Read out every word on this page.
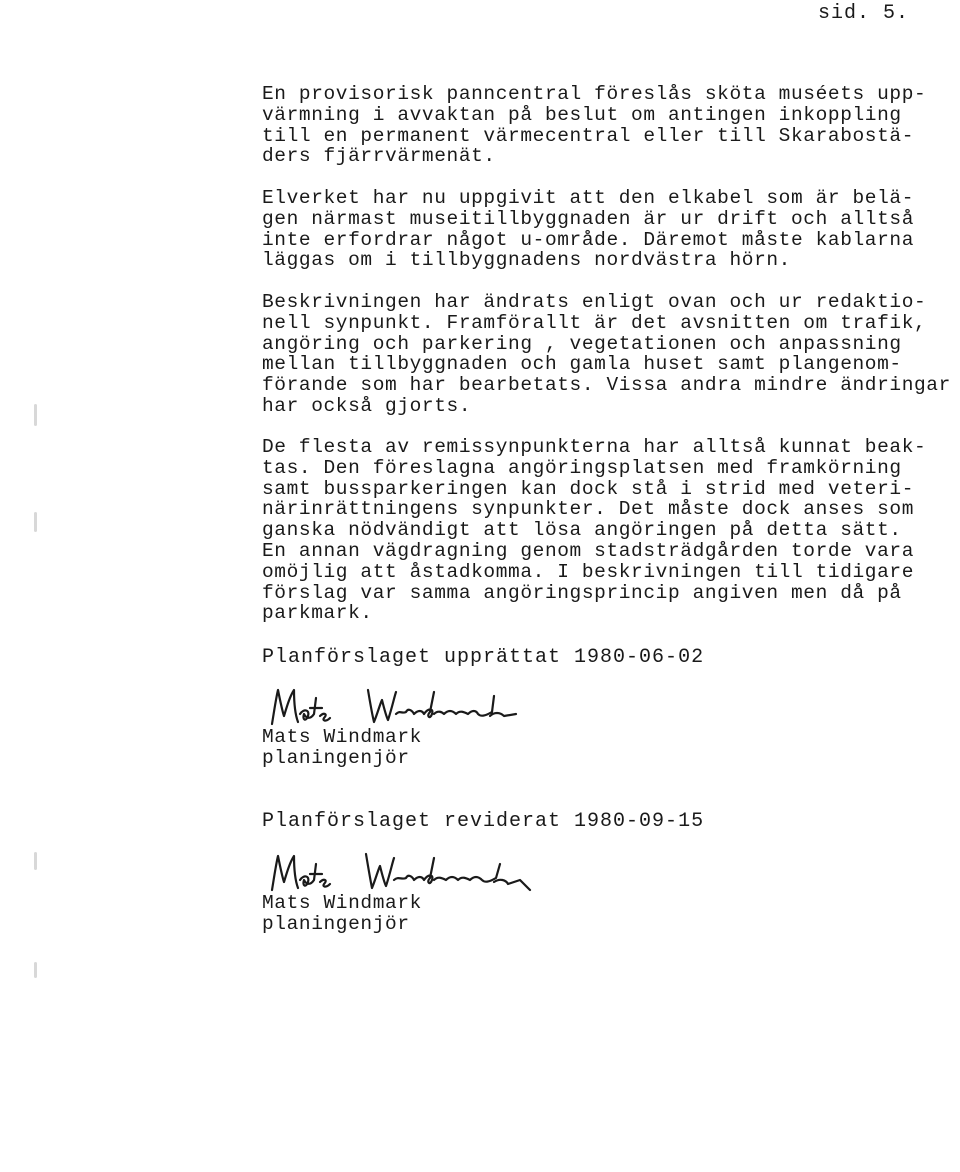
sid. 5.
En provisorisk panncentral föreslås sköta muséets upp-
värmning i avvaktan på beslut om antingen inkoppling
till en permanent värmecentral eller till Skarabostä-
ders fjärrvärmenät.
Elverket har nu uppgivit att den elkabel som är belä-
gen närmast museitillbyggnaden är ur drift och alltså
inte erfordrar något u-område. Däremot måste kablarna
läggas om i tillbyggnadens nordvästra hörn.
Beskrivningen har ändrats enligt ovan och ur redaktio-
nell synpunkt. Framförallt är det avsnitten om trafik,
angöring och parkering , vegetationen och anpassning
mellan tillbyggnaden och gamla huset samt plangenom-
förande som har bearbetats. Vissa andra mindre ändringar
har också gjorts.
De flesta av remissynpunkterna har alltså kunnat beak-
tas. Den föreslagna angöringsplatsen med framkörning
samt bussparkeringen kan dock stå i strid med veteri-
närinrättningens synpunkter. Det måste dock anses som
ganska nödvändigt att lösa angöringen på detta sätt.
En annan vägdragning genom stadsträdgården torde vara
omöjlig att åstadkomma. I beskrivningen till tidigare
förslag var samma angöringsprincip angiven men då på
parkmark.
Planförslaget upprättat 1980-06-02
Mats Windmark
planingenjör
Planförslaget reviderat 1980-09-15
Mats Windmark
planingenjör
